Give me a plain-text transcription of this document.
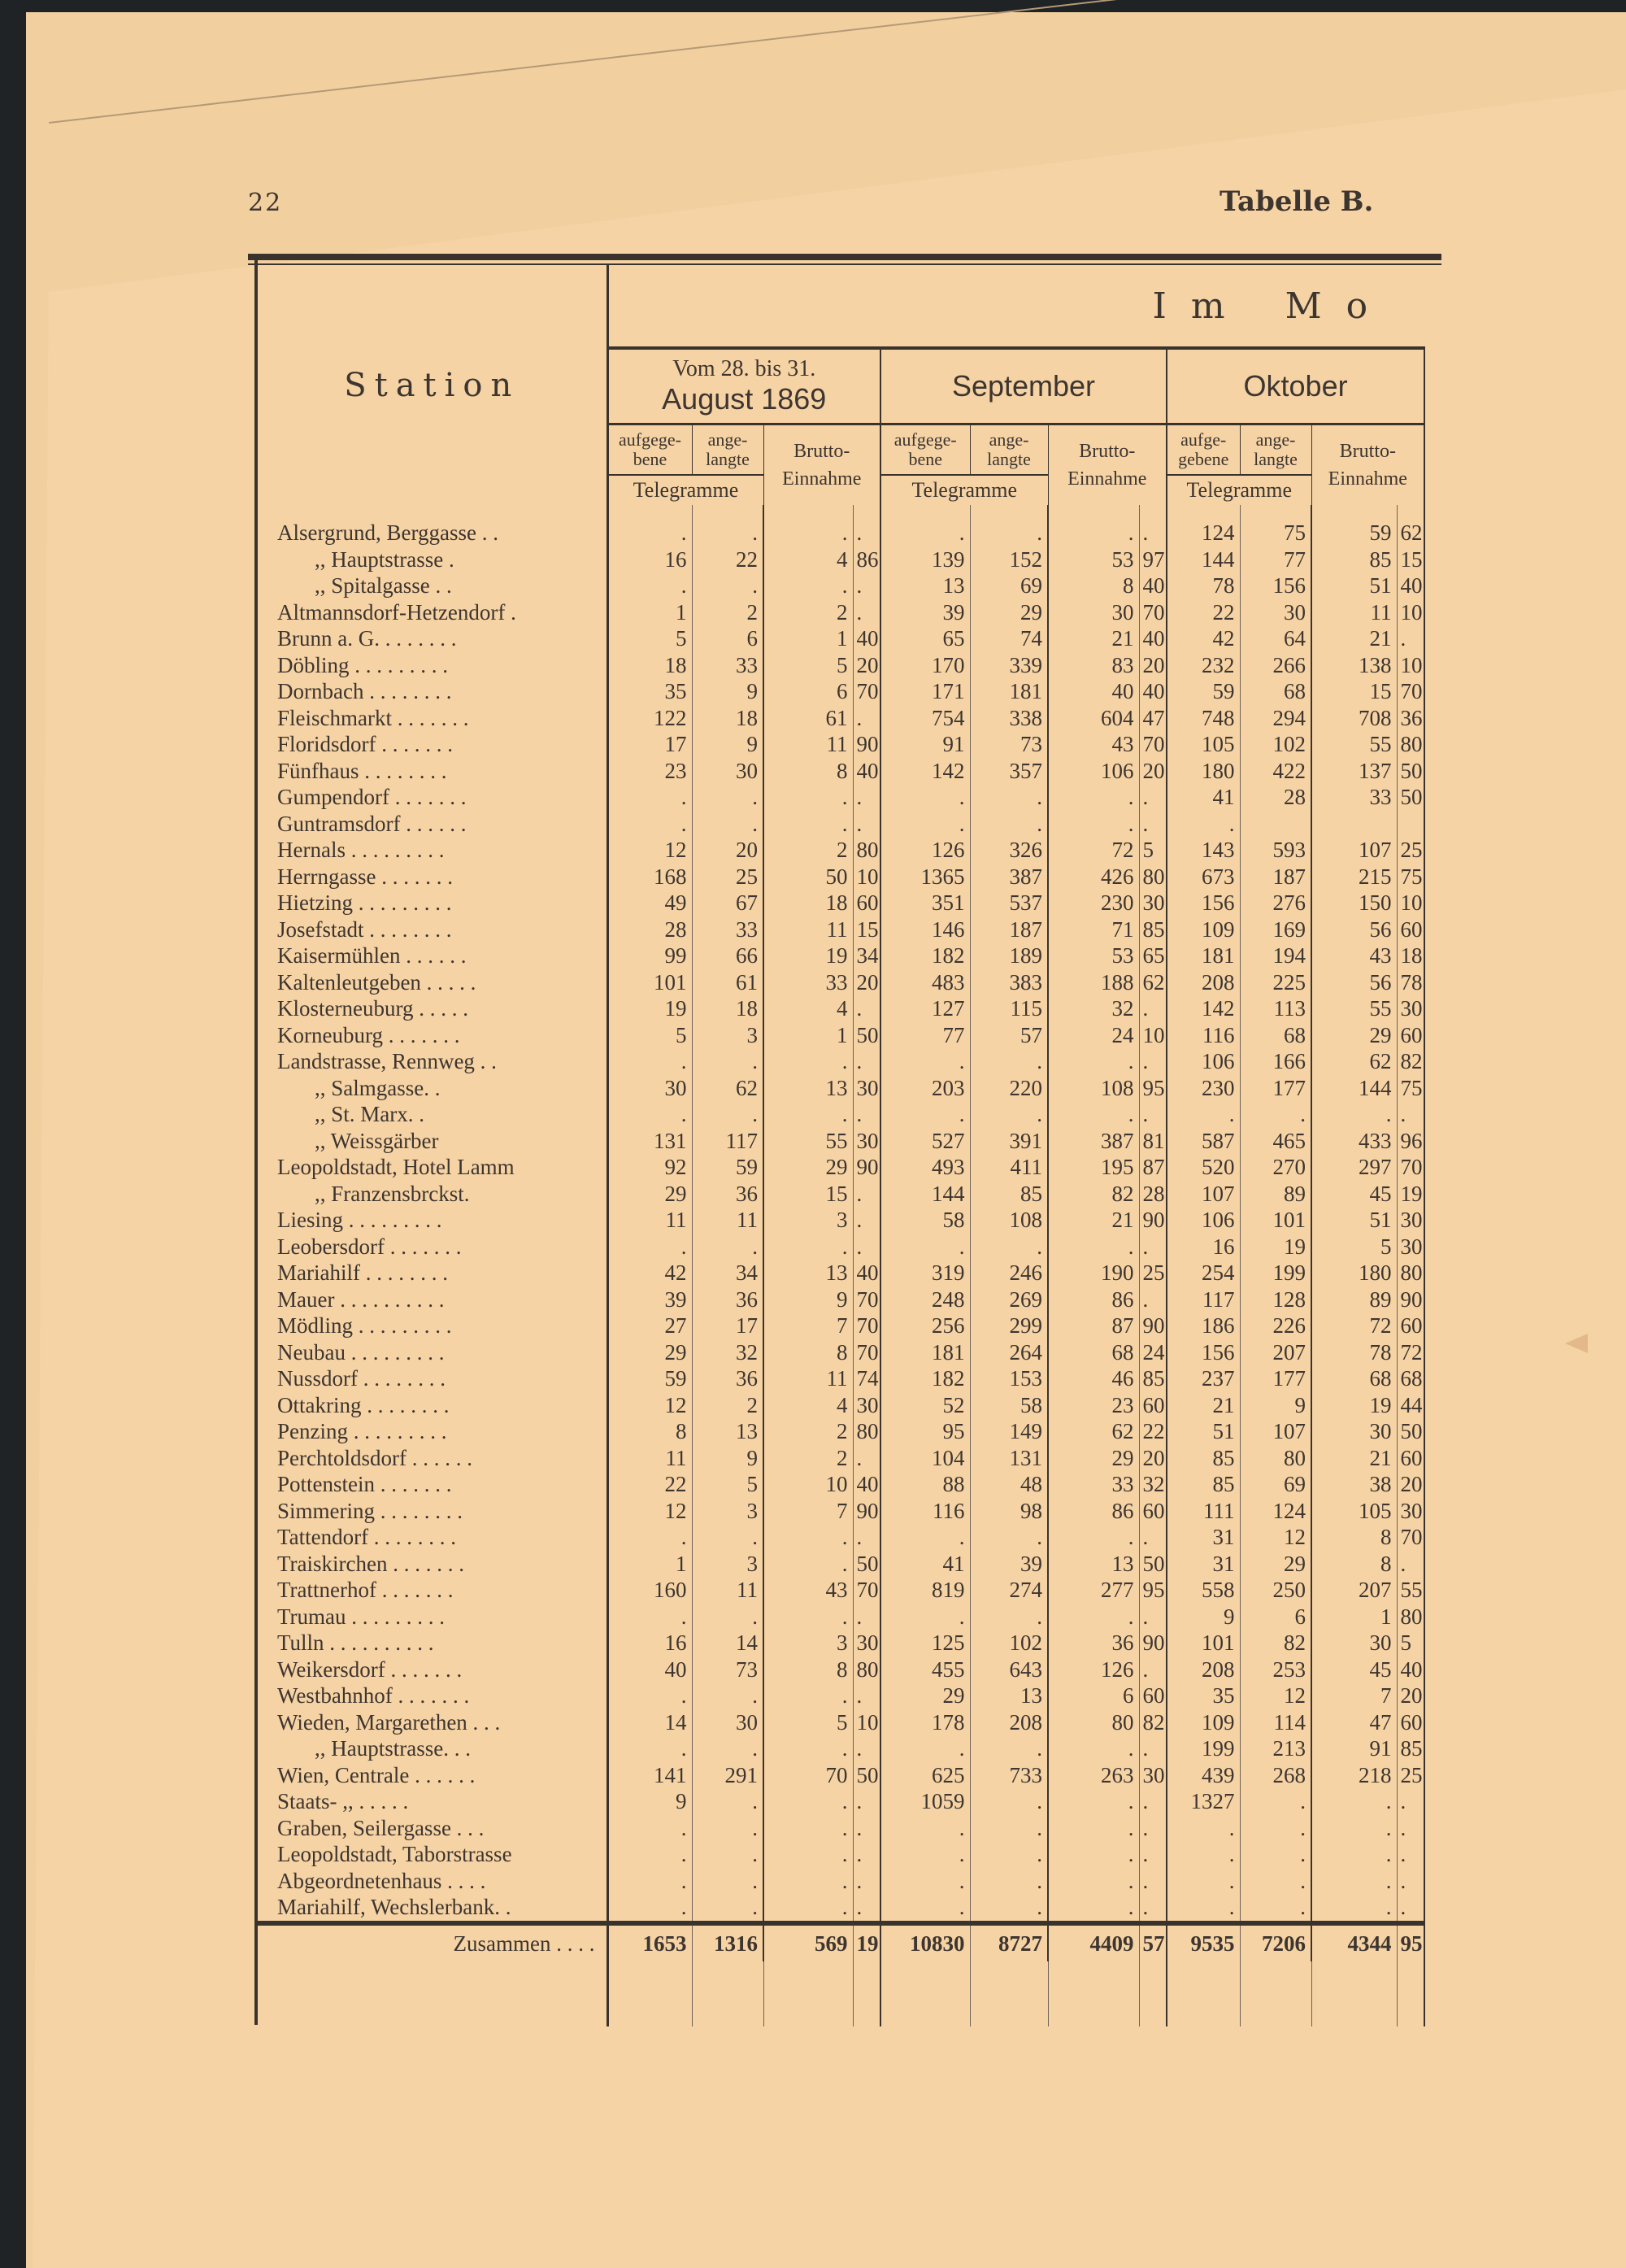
22	Tabelle B.
Station	Im Mo											

	Vom 28. bis 31.
August 1869				September				Oktober			
	aufgege-bene	ange-langte	Brutto-Einnahme		aufgege-bene	ange-langte	Brutto-Einnahme		aufge-gebene	ange-langte	Brutto-Einnahme	
	Telegramme				Telegramme				Telegramme			
Alsergrund, Berggasse . .	.	.	.	.	.	.	.	.	124	75	59	62
,, Hauptstrasse .	16	22	4	86	139	152	53	97	144	77	85	15
,, Spitalgasse . .	.	.	.	.	13	69	8	40	78	156	51	40
Altmannsdorf-Hetzendorf .	1	2	2	.	39	29	30	70	22	30	11	10
Brunn a. G. . . . . . . .	5	6	1	40	65	74	21	40	42	64	21	.
Döbling . . . . . . . . .	18	33	5	20	170	339	83	20	232	266	138	10
Dornbach . . . . . . . .	35	9	6	70	171	181	40	40	59	68	15	70
Fleischmarkt . . . . . . .	122	18	61	.	754	338	604	47	748	294	708	36
Floridsdorf . . . . . . .	17	9	11	90	91	73	43	70	105	102	55	80
Fünfhaus . . . . . . . .	23	30	8	40	142	357	106	20	180	422	137	50
Gumpendorf . . . . . . .	.	.	.	.	.	.	.	.	41	28	33	50
Guntramsdorf . . . . . .	.	.	.	.	.	.	.	.	.			
Hernals . . . . . . . . .	12	20	2	80	126	326	72	5	143	593	107	25
Herrngasse . . . . . . .	168	25	50	10	1365	387	426	80	673	187	215	75
Hietzing . . . . . . . . .	49	67	18	60	351	537	230	30	156	276	150	10
Josefstadt . . . . . . . .	28	33	11	15	146	187	71	85	109	169	56	60
Kaisermühlen . . . . . .	99	66	19	34	182	189	53	65	181	194	43	18
Kaltenleutgeben . . . . .	101	61	33	20	483	383	188	62	208	225	56	78
Klosterneuburg . . . . .	19	18	4	.	127	115	32	.	142	113	55	30
Korneuburg . . . . . . .	5	3	1	50	77	57	24	10	116	68	29	60
Landstrasse, Rennweg . .	.	.	.	.	.	.	.	.	106	166	62	82
,, Salmgasse. .	30	62	13	30	203	220	108	95	230	177	144	75
,, St. Marx. .	.	.	.	.	.	.	.	.	.	.	.	.
,, Weissgärber	131	117	55	30	527	391	387	81	587	465	433	96
Leopoldstadt, Hotel Lamm	92	59	29	90	493	411	195	87	520	270	297	70
,, Franzensbrckst.	29	36	15	.	144	85	82	28	107	89	45	19
Liesing . . . . . . . . .	11	11	3	.	58	108	21	90	106	101	51	30
Leobersdorf . . . . . . .	.	.	.	.	.	.	.	.	16	19	5	30
Mariahilf . . . . . . . .	42	34	13	40	319	246	190	25	254	199	180	80
Mauer . . . . . . . . . .	39	36	9	70	248	269	86	.	117	128	89	90
Mödling . . . . . . . . .	27	17	7	70	256	299	87	90	186	226	72	60
Neubau . . . . . . . . .	29	32	8	70	181	264	68	24	156	207	78	72
Nussdorf . . . . . . . .	59	36	11	74	182	153	46	85	237	177	68	68
Ottakring . . . . . . . .	12	2	4	30	52	58	23	60	21	9	19	44
Penzing . . . . . . . . .	8	13	2	80	95	149	62	22	51	107	30	50
Perchtoldsdorf . . . . . .	11	9	2	.	104	131	29	20	85	80	21	60
Pottenstein . . . . . . .	22	5	10	40	88	48	33	32	85	69	38	20
Simmering . . . . . . . .	12	3	7	90	116	98	86	60	111	124	105	30
Tattendorf . . . . . . . .	.	.	.	.	.	.	.	.	31	12	8	70
Traiskirchen . . . . . . .	1	3	.	50	41	39	13	50	31	29	8	.
Trattnerhof . . . . . . .	160	11	43	70	819	274	277	95	558	250	207	55
Trumau . . . . . . . . .	.	.	.	.	.	.	.	.	9	6	1	80
Tulln . . . . . . . . . .	16	14	3	30	125	102	36	90	101	82	30	5
Weikersdorf . . . . . . .	40	73	8	80	455	643	126	.	208	253	45	40
Westbahnhof . . . . . . .	.	.	.	.	29	13	6	60	35	12	7	20
Wieden, Margarethen . . .	14	30	5	10	178	208	80	82	109	114	47	60
,, Hauptstrasse. . .	.	.	.	.	.	.	.	.	199	213	91	85
Wien, Centrale . . . . . .	141	291	70	50	625	733	263	30	439	268	218	25
Staats- ,, . . . . .	9	.	.	.	1059	.	.	.	1327	.	.	.
Graben, Seilergasse . . .	.	.	.	.	.	.	.	.	.	.	.	.
Leopoldstadt, Taborstrasse	.	.	.	.	.	.	.	.	.	.	.	.
Abgeordnetenhaus . . . .	.	.	.	.	.	.	.	.	.	.	.	.
Mariahilf, Wechslerbank. .	.	.	.	.	.	.	.	.	.	.	.	.
Zusammen . . . .	1653	1316	569	19	10830	8727	4409	57	9535	7206	4344	95
